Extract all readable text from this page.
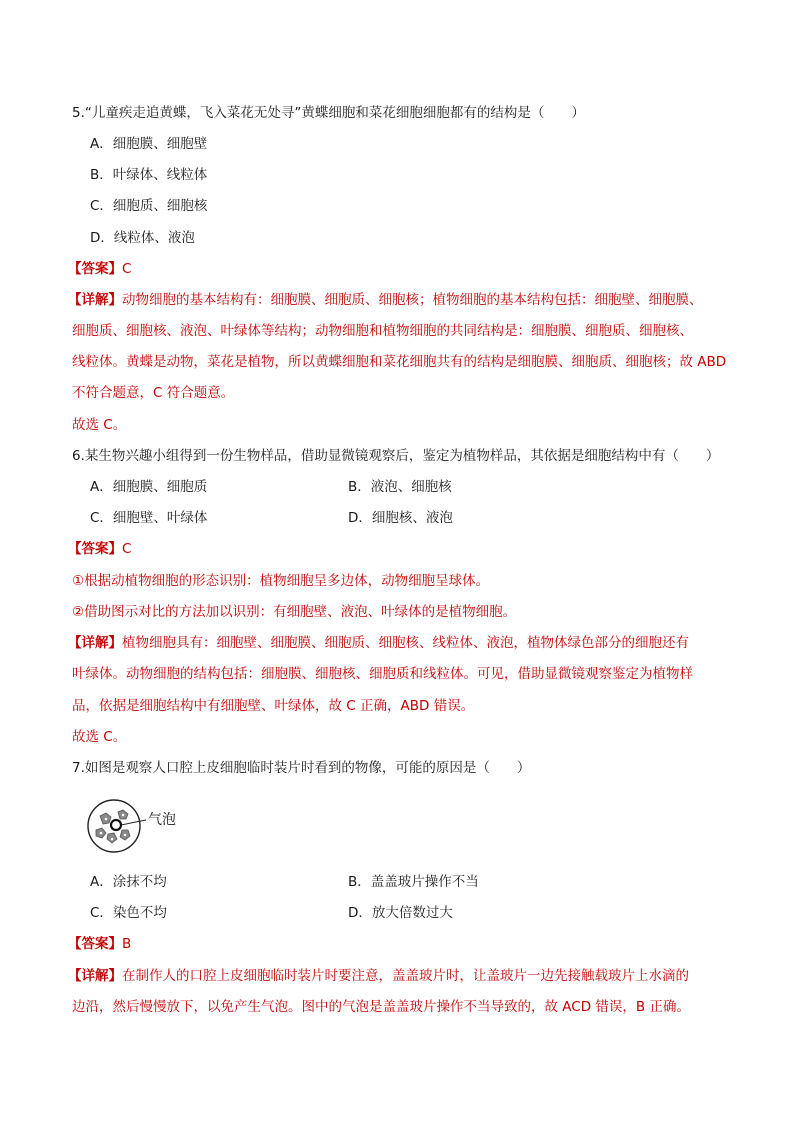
5.“儿童疾走追黄蝶，飞入菜花无处寻”黄蝶细胞和菜花细胞细胞都有的结构是（　　）
A．细胞膜、细胞壁
B．叶绿体、线粒体
C．细胞质、细胞核
D．线粒体、液泡
【答案】C
【详解】动物细胞的基本结构有：细胞膜、细胞质、细胞核；植物细胞的基本结构包括：细胞壁、细胞膜、
细胞质、细胞核、液泡、叶绿体等结构；动物细胞和植物细胞的共同结构是：细胞膜、细胞质、细胞核、
线粒体。黄蝶是动物，菜花是植物，所以黄蝶细胞和菜花细胞共有的结构是细胞膜、细胞质、细胞核；故 ABD
不符合题意，C 符合题意。
故选 C。
6.某生物兴趣小组得到一份生物样品，借助显微镜观察后，鉴定为植物样品，其依据是细胞结构中有（　　）
A．细胞膜、细胞质	B．液泡、细胞核
C．细胞壁、叶绿体	D．细胞核、液泡
【答案】C
①根据动植物细胞的形态识别：植物细胞呈多边体，动物细胞呈球体。
②借助图示对比的方法加以识别：有细胞壁、液泡、叶绿体的是植物细胞。
【详解】植物细胞具有：细胞壁、细胞膜、细胞质、细胞核、线粒体、液泡，植物体绿色部分的细胞还有
叶绿体。动物细胞的结构包括：细胞膜、细胞核、细胞质和线粒体。可见，借助显微镜观察鉴定为植物样
品，依据是细胞结构中有细胞壁、叶绿体，故 C 正确，ABD 错误。
故选 C。
7.如图是观察人口腔上皮细胞临时装片时看到的物像，可能的原因是（　　）
气泡
A．涂抹不均	B．盖盖玻片操作不当
C．染色不均	D．放大倍数过大
【答案】B
【详解】在制作人的口腔上皮细胞临时装片时要注意，盖盖玻片时，让盖玻片一边先接触载玻片上水滴的
边沿，然后慢慢放下，以免产生气泡。图中的气泡是盖盖玻片操作不当导致的，故 ACD 错误，B 正确。
